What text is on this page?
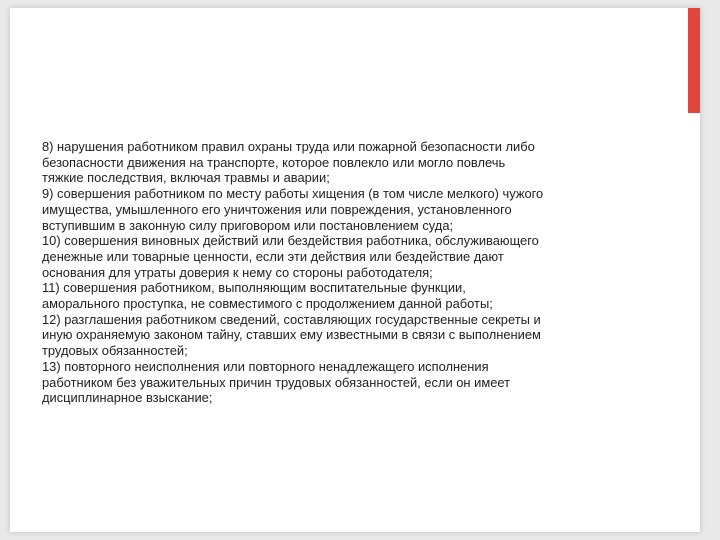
8) нарушения работником правил охраны труда или пожарной безопасности либо
безопасности движения на транспорте, которое повлекло или могло повлечь
тяжкие последствия, включая травмы и аварии;
9) совершения работником по месту работы хищения (в том числе мелкого) чужого
имущества, умышленного его уничтожения или повреждения, установленного
вступившим в законную силу приговором или постановлением суда;
10) совершения виновных действий или бездействия работника, обслуживающего
денежные или товарные ценности, если эти действия или бездействие дают
основания для утраты доверия к нему со стороны работодателя;
11) совершения работником, выполняющим воспитательные функции,
аморального проступка, не совместимого с продолжением данной работы;
12) разглашения работником сведений, составляющих государственные секреты и
иную охраняемую законом тайну, ставших ему известными в связи с выполнением
трудовых обязанностей;
13) повторного неисполнения или повторного ненадлежащего исполнения
работником без уважительных причин трудовых обязанностей, если он имеет
дисциплинарное взыскание;
